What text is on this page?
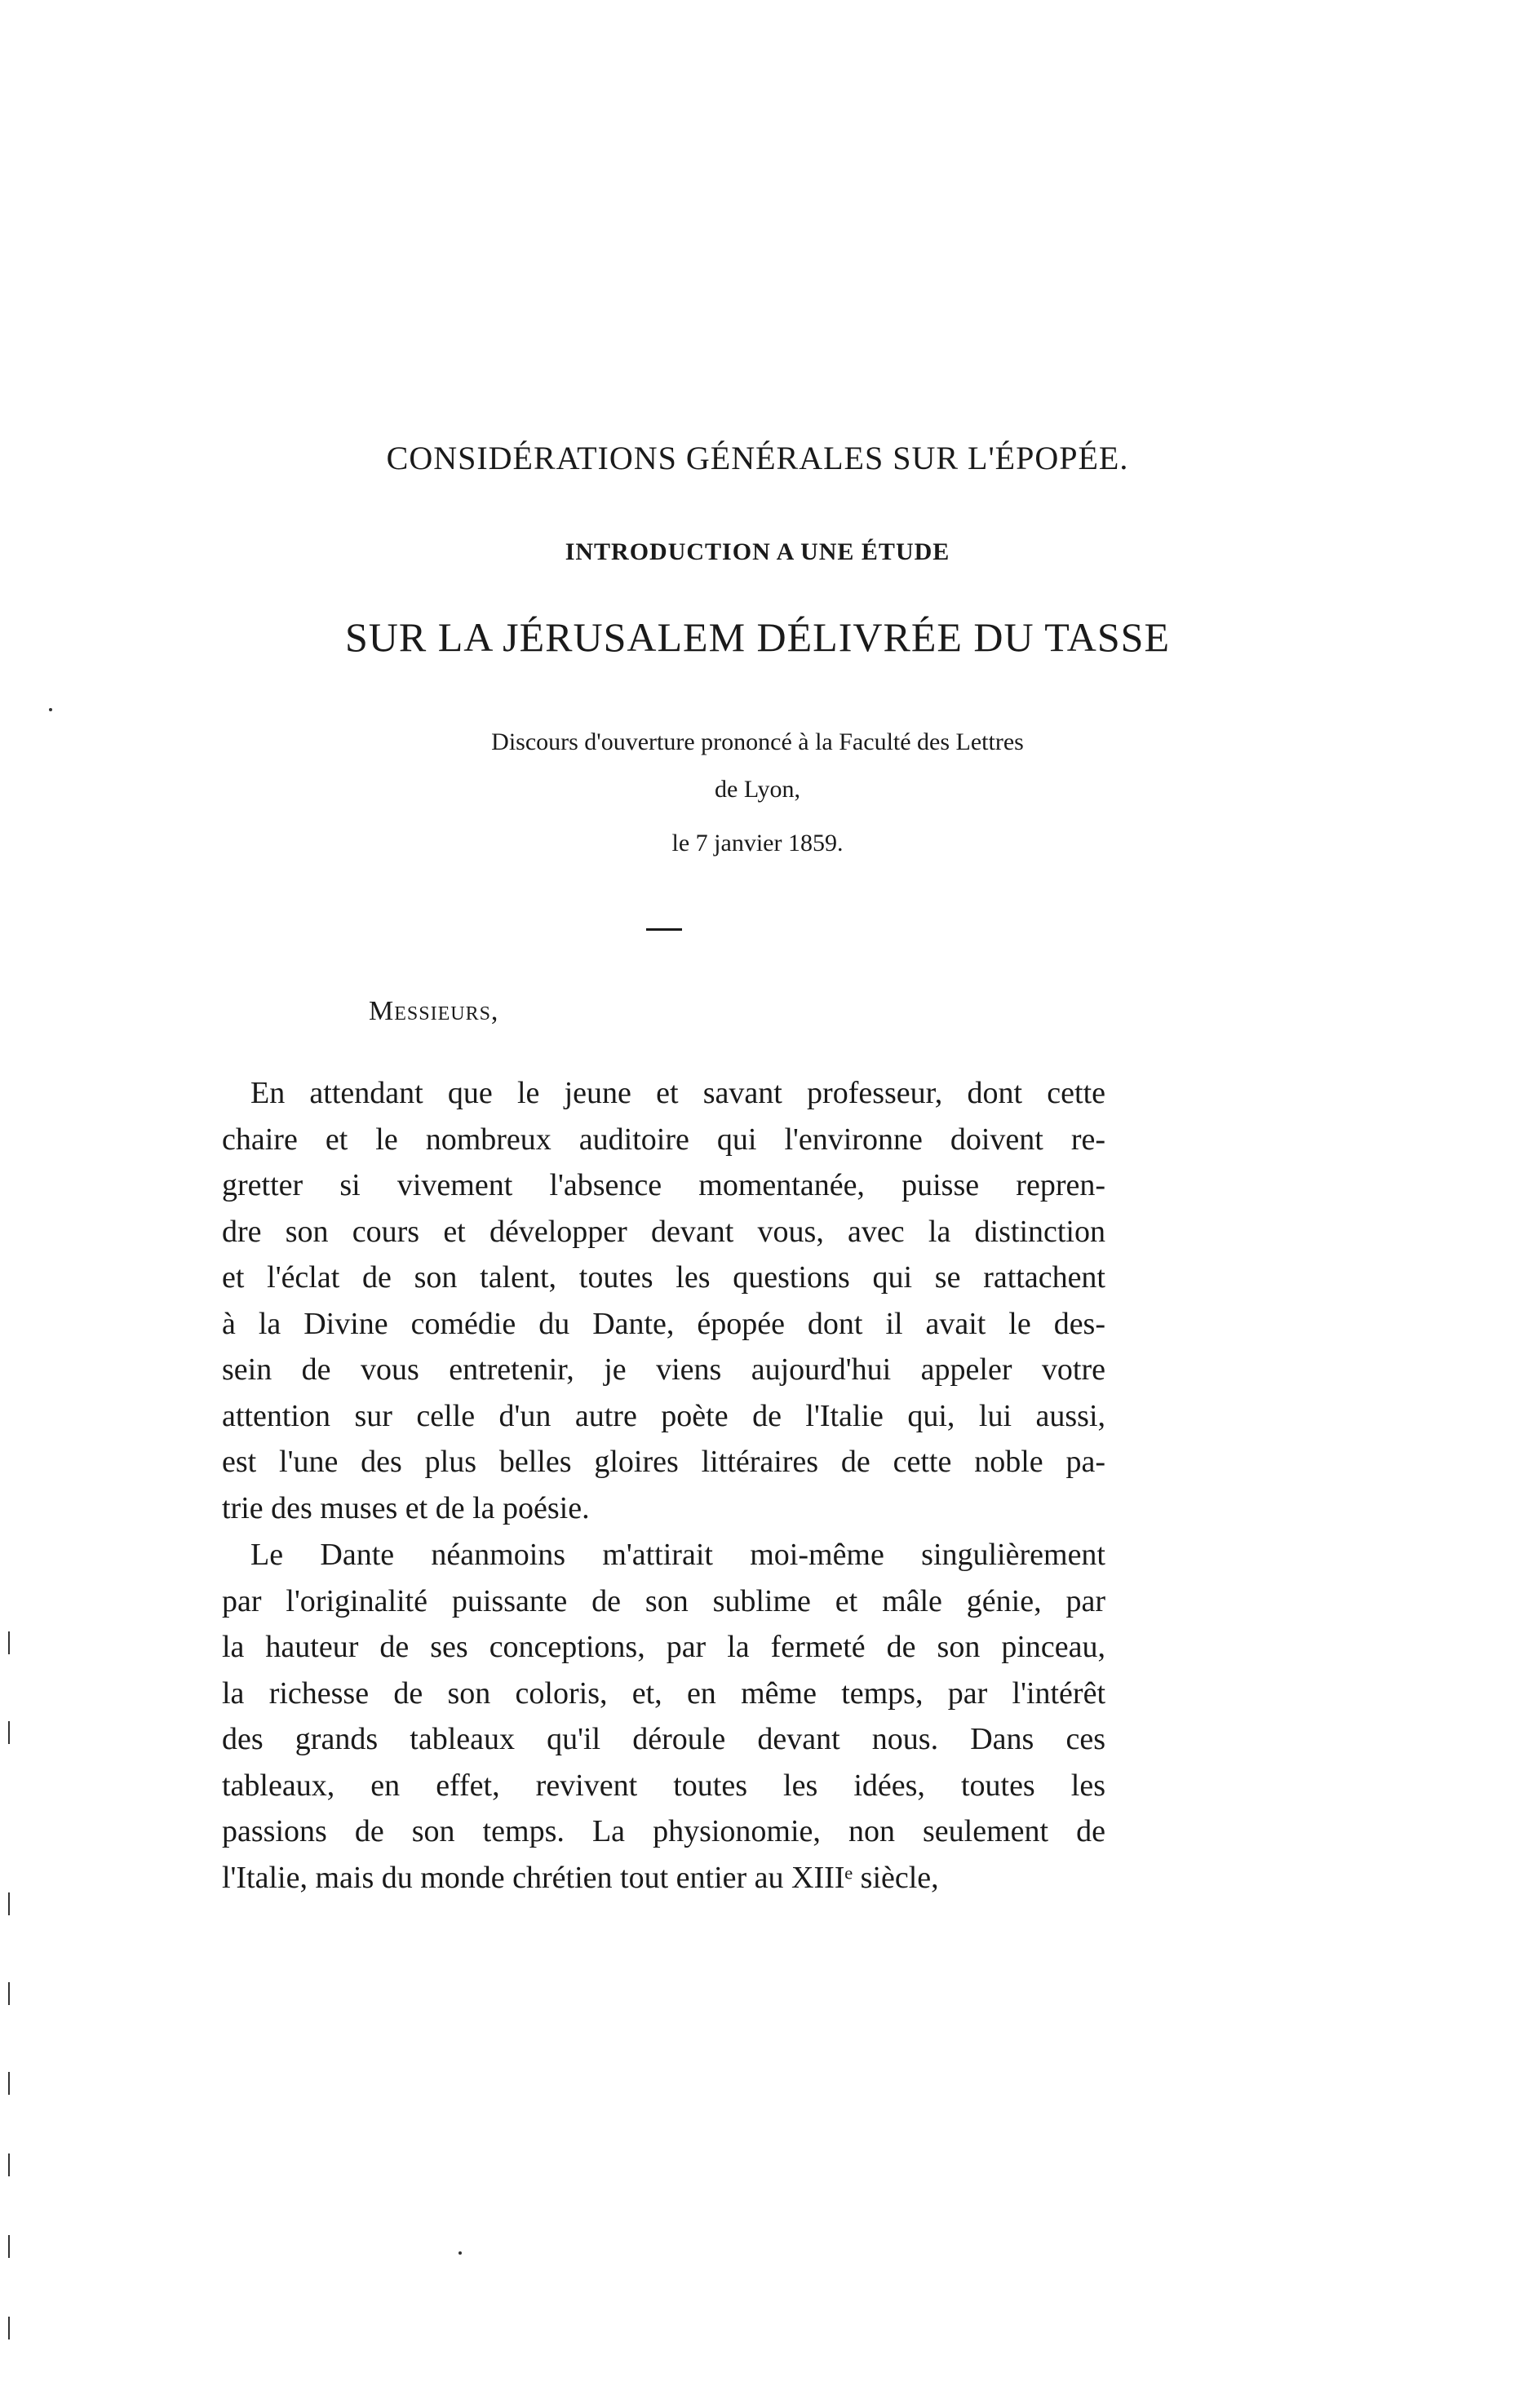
CONSIDÉRATIONS GÉNÉRALES SUR L'ÉPOPÉE.
INTRODUCTION A UNE ÉTUDE
SUR LA JÉRUSALEM DÉLIVRÉE DU TASSE
Discours d'ouverture prononcé à la Faculté des Lettres
de Lyon,
le 7 janvier 1859.
Messieurs,
En attendant que le jeune et savant professeur, dont cette
chaire et le nombreux auditoire qui l'environne doivent re-
gretter si vivement l'absence momentanée, puisse repren-
dre son cours et développer devant vous, avec la distinction
et l'éclat de son talent, toutes les questions qui se rattachent
à la Divine comédie du Dante, épopée dont il avait le des-
sein de vous entretenir, je viens aujourd'hui appeler votre
attention sur celle d'un autre poète de l'Italie qui, lui aussi,
est l'une des plus belles gloires littéraires de cette noble pa-
trie des muses et de la poésie.
Le Dante néanmoins m'attirait moi-même singulièrement
par l'originalité puissante de son sublime et mâle génie, par
la hauteur de ses conceptions, par la fermeté de son pinceau,
la richesse de son coloris, et, en même temps, par l'intérêt
des grands tableaux qu'il déroule devant nous. Dans ces
tableaux, en effet, revivent toutes les idées, toutes les
passions de son temps. La physionomie, non seulement de
l'Italie, mais du monde chrétien tout entier au XIIIᵉ siècle,
